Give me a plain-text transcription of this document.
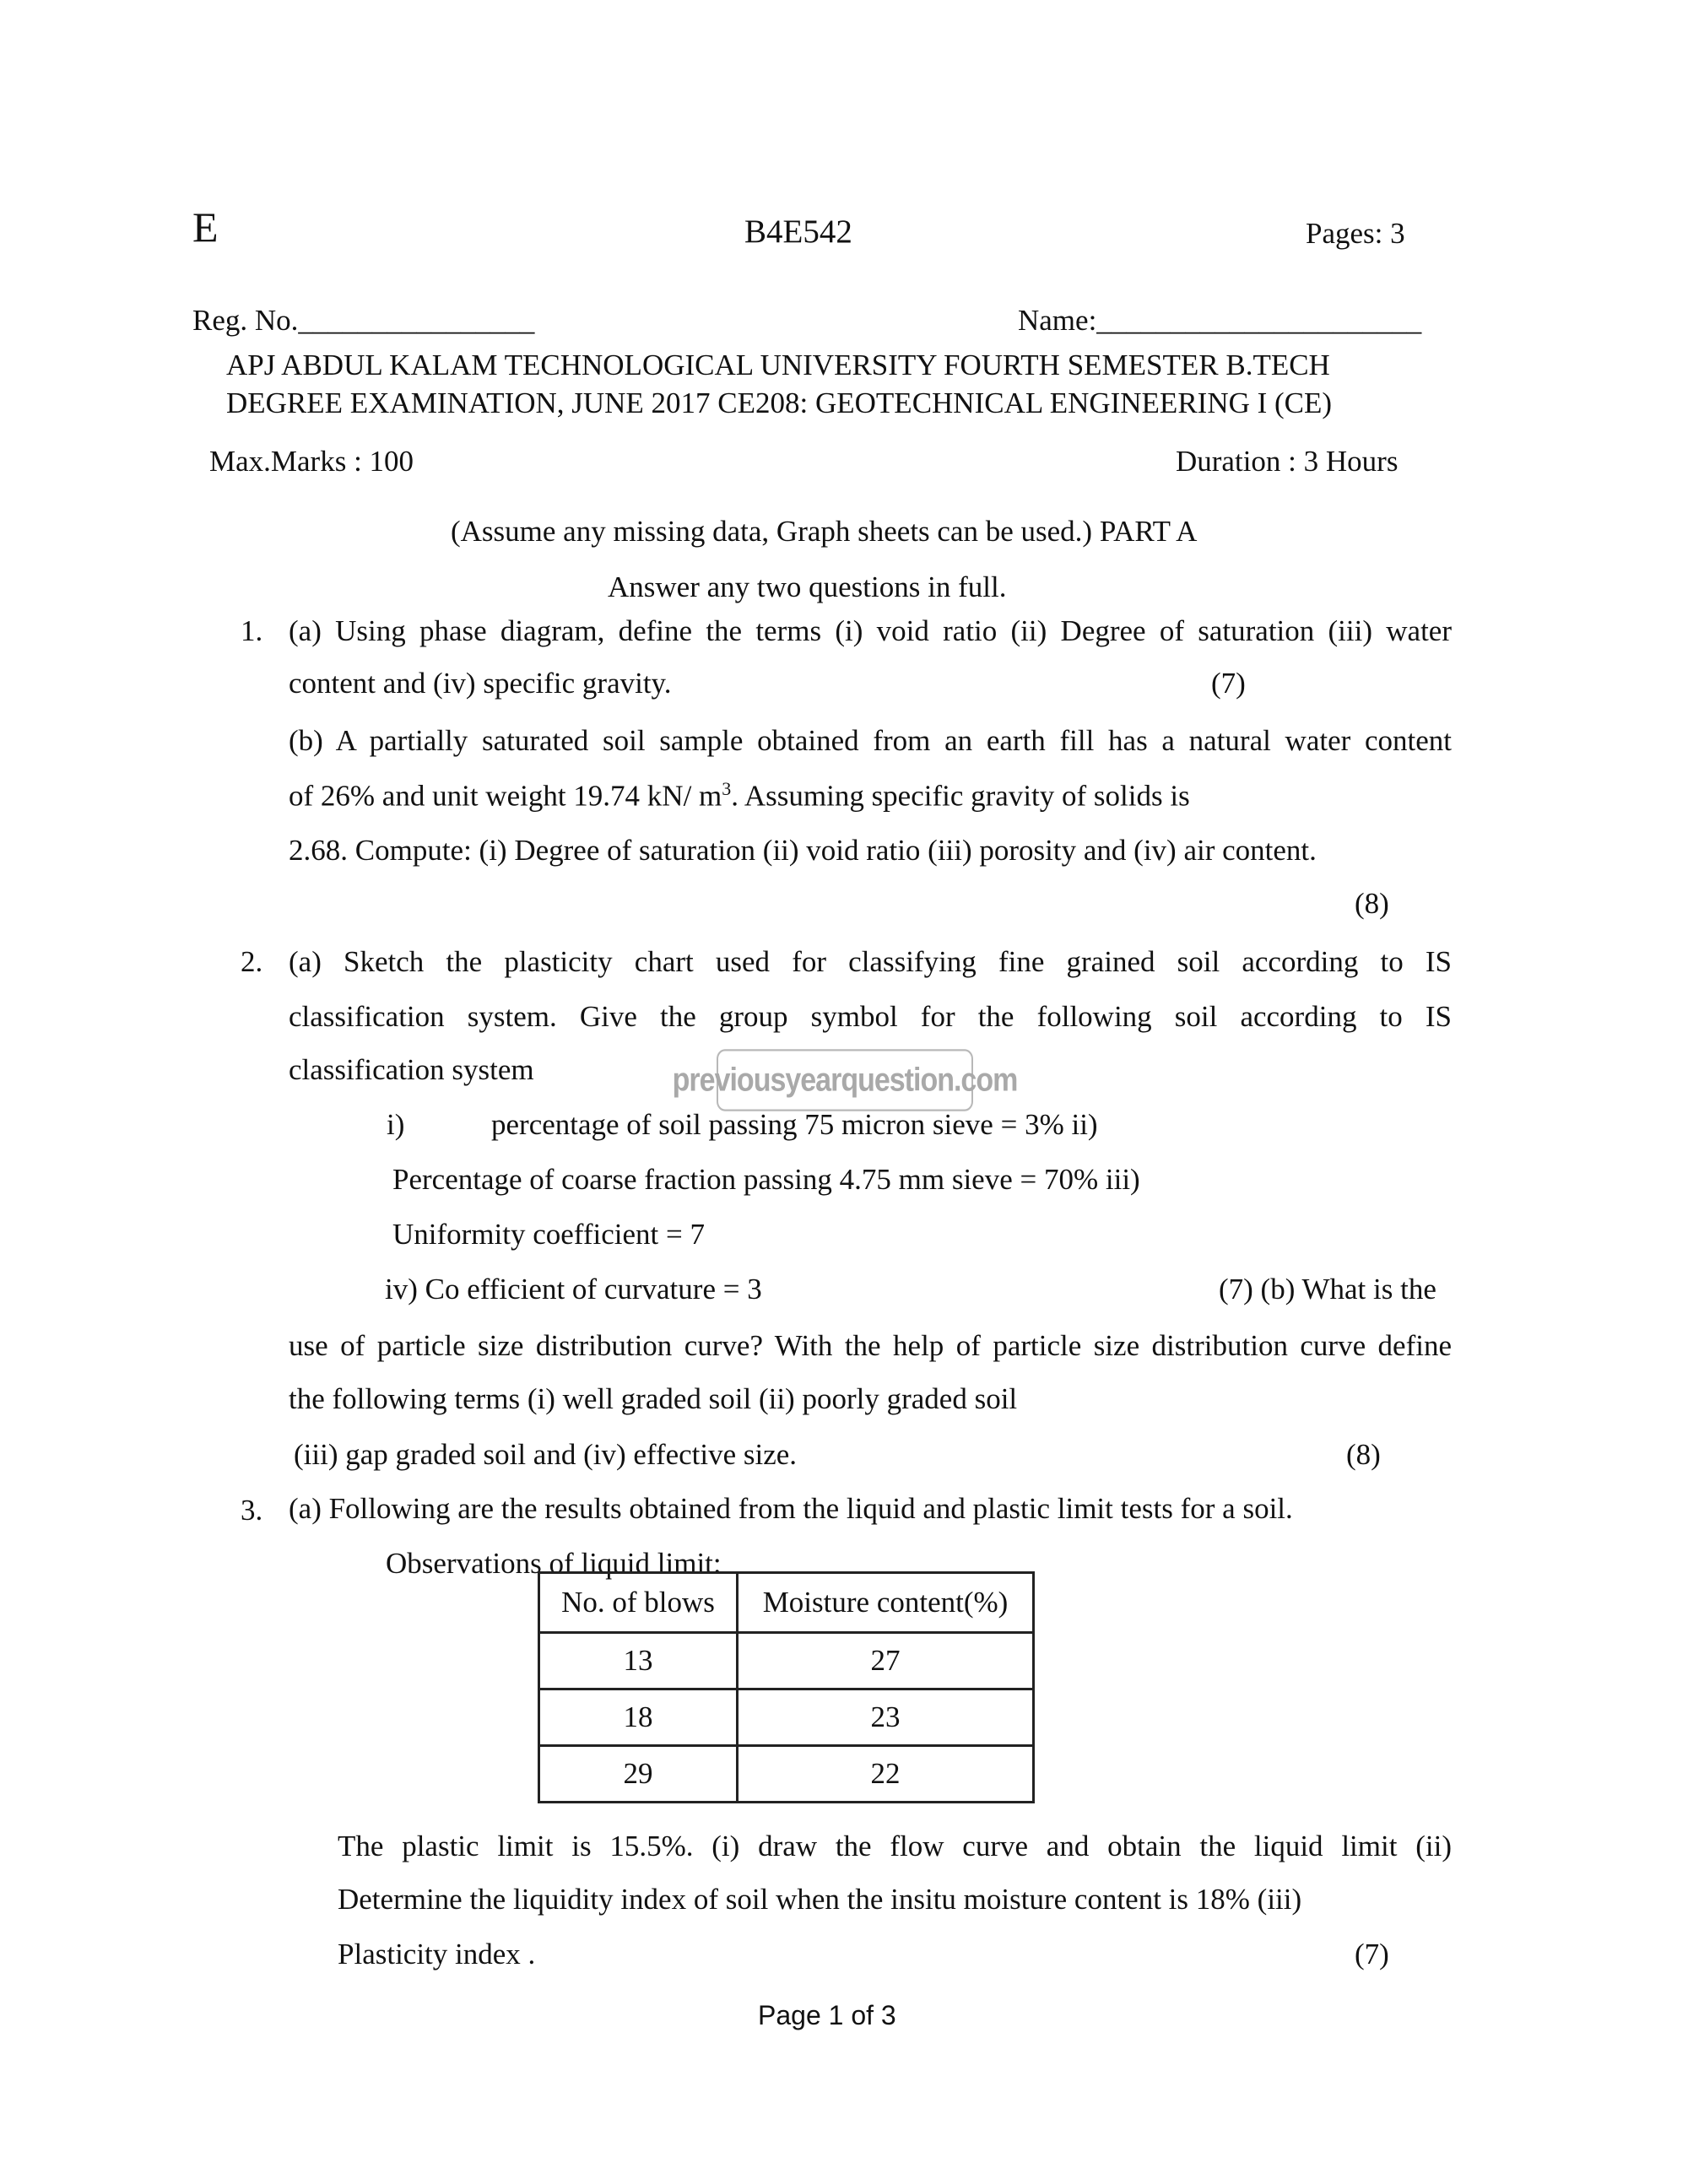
E	B4E542	Pages: 3
Reg. No.________________	Name:______________________
APJ ABDUL KALAM TECHNOLOGICAL UNIVERSITY FOURTH SEMESTER B.TECH
DEGREE EXAMINATION, JUNE 2017 CE208: GEOTECHNICAL ENGINEERING I (CE)
Max.Marks : 100	Duration : 3 Hours
(Assume any missing data, Graph sheets can be used.) PART A
Answer any two questions in full.
1. (a) Using phase diagram, define the terms (i) void ratio (ii) Degree of saturation (iii) water
content and (iv) specific gravity.	(7)
(b) A partially saturated soil sample obtained from an earth fill has a natural water content
of 26% and unit weight 19.74 kN/ $m^3$. Assuming specific gravity of solids is
2.68. Compute: (i) Degree of saturation (ii) void ratio (iii) porosity and (iv) air content.
(8)
2. (a) Sketch the plasticity chart used for classifying fine grained soil according to IS
classification system. Give the group symbol for the following soil according to IS
classification system	previousyearquestion.com
i)	percentage of soil passing 75 micron sieve = 3% ii)
Percentage of coarse fraction passing 4.75 mm sieve = 70% iii)
Uniformity coefficient = 7
iv) Co efficient of curvature = 3	(7) (b) What is the
use of particle size distribution curve? With the help of particle size distribution curve define
the following terms (i) well graded soil (ii) poorly graded soil
(iii) gap graded soil and (iv) effective size.	(8)
3. (a) Following are the results obtained from the liquid and plastic limit tests for a soil.
Observations of liquid limit:
No. of blows	Moisture content(%)
13	27
18	23
29	22
The plastic limit is 15.5%. (i) draw the flow curve and obtain the liquid limit (ii)
Determine the liquidity index of soil when the insitu moisture content is 18% (iii)
Plasticity index .	(7)
Page 1 of 3
